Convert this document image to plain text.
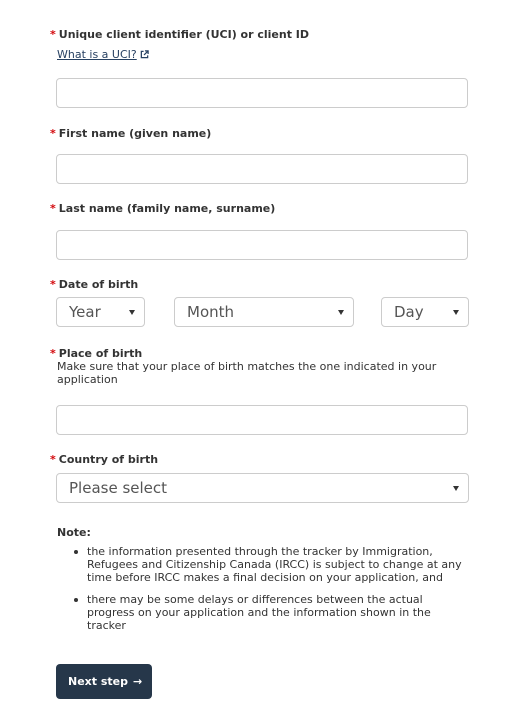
* Unique client identifier (UCI) or client ID
What is a UCI?
* First name (given name)
* Last name (family name, surname)
* Date of birth
Year	Month	Day
* Place of birth
Make sure that your place of birth matches the one indicated in your application
* Country of birth
Please select
Note:
the information presented through the tracker by Immigration, Refugees and Citizenship Canada (IRCC) is subject to change at any time before IRCC makes a final decision on your application, and
there may be some delays or differences between the actual progress on your application and the information shown in the tracker
Next step →
